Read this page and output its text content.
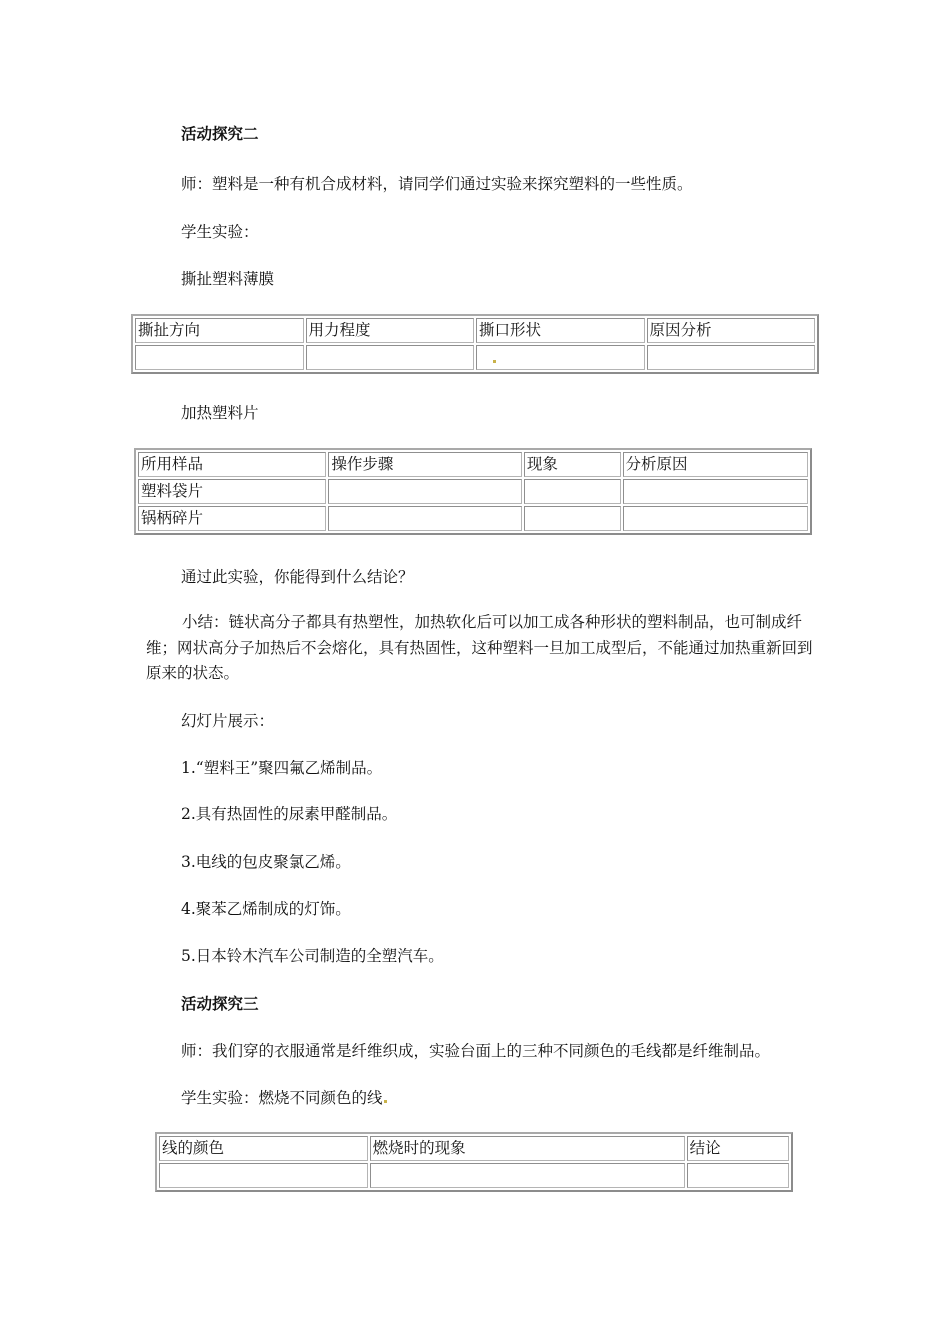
活动探究二
师：塑料是一种有机合成材料，请同学们通过实验来探究塑料的一些性质。
学生实验：
撕扯塑料薄膜
撕扯方向	用力程度	撕口形状	原因分析

加热塑料片
所用样品	操作步骤	现象	分析原因
塑料袋片			
锅柄碎片			
通过此实验，你能得到什么结论？
小结：链状高分子都具有热塑性，加热软化后可以加工成各种形状的塑料制品，也可制成纤维；网状高分子加热后不会熔化，具有热固性，这种塑料一旦加工成型后，不能通过加热重新回到原来的状态。
幻灯片展示：
1.“塑料王”聚四氟乙烯制品。
2.具有热固性的尿素甲醛制品。
3.电线的包皮聚氯乙烯。
4.聚苯乙烯制成的灯饰。
5.日本铃木汽车公司制造的全塑汽车。
活动探究三
师：我们穿的衣服通常是纤维织成，实验台面上的三种不同颜色的毛线都是纤维制品。
学生实验：燃烧不同颜色的线
线的颜色	燃烧时的现象	结论
